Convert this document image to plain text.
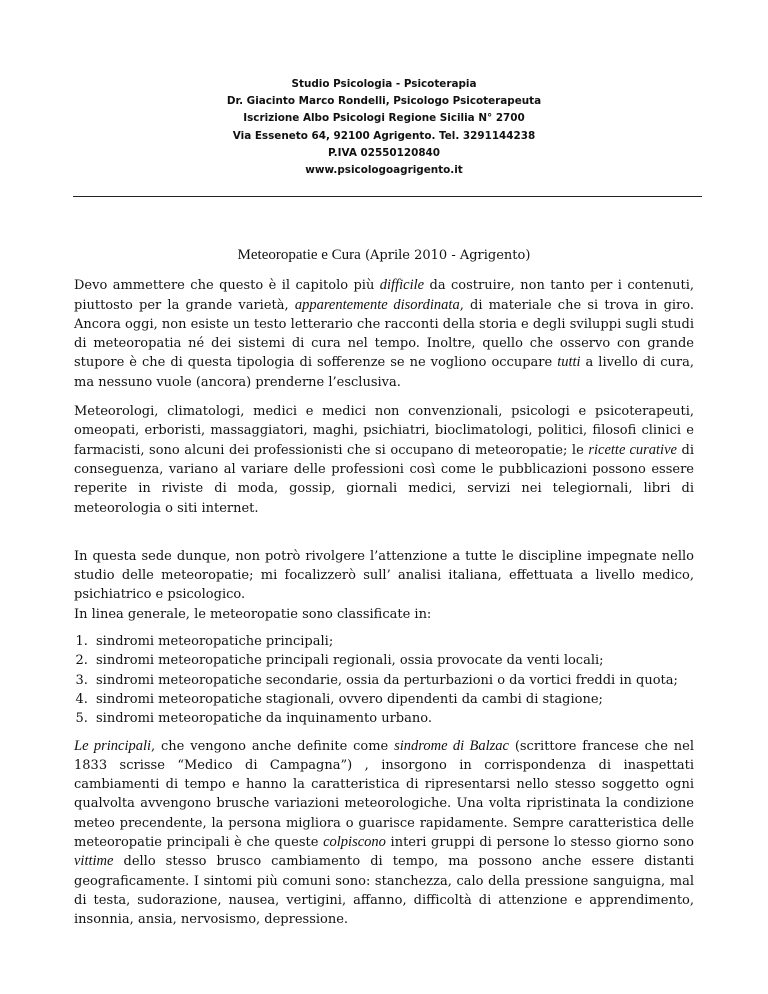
Studio Psicologia - Psicoterapia
Dr. Giacinto Marco Rondelli, Psicologo Psicoterapeuta
Iscrizione Albo Psicologi Regione Sicilia N° 2700
Via Esseneto 64, 92100 Agrigento. Tel. 3291144238
P.IVA 02550120840
www.psicologoagrigento.it
Meteoropatie e Cura (Aprile 2010 - Agrigento)

Devo ammettere che questo è il capitolo più difficile da costruire, non tanto per i contenuti, piuttosto per la grande varietà, apparentemente disordinata, di materiale che si trova in giro. Ancora oggi, non esiste un testo letterario che racconti della storia e degli sviluppi sugli studi di meteoropatia né dei sistemi di cura nel tempo. Inoltre, quello che osservo con grande stupore è che di questa tipologia di sofferenze se ne vogliono occupare tutti a livello di cura, ma nessuno vuole (ancora) prenderne l’esclusiva.

Meteorologi, climatologi, medici e medici non convenzionali, psicologi e psicoterapeuti, omeopati, erboristi, massaggiatori, maghi, psichiatri, bioclimatologi, politici, filosofi clinici e farmacisti, sono alcuni dei professionisti che si occupano di meteoropatie; le ricette curative di conseguenza, variano al variare delle professioni così come le pubblicazioni possono essere reperite in riviste di moda, gossip, giornali medici, servizi nei telegiornali, libri di meteorologia o siti internet.

In questa sede dunque, non potrò rivolgere l’attenzione a tutte le discipline impegnate nello studio delle meteoropatie; mi focalizzerò sull’ analisi italiana, effettuata a livello medico, psichiatrico e psicologico.

In linea generale, le meteoropatie sono classificate in:

1. sindromi meteoropatiche principali;
2. sindromi meteoropatiche principali regionali, ossia provocate da venti locali;
3. sindromi meteoropatiche secondarie, ossia da perturbazioni o da vortici freddi in quota;
4. sindromi meteoropatiche stagionali, ovvero dipendenti da cambi di stagione;
5. sindromi meteoropatiche da inquinamento urbano.

Le principali, che vengono anche definite come sindrome di Balzac (scrittore francese che nel 1833 scrisse “Medico di Campagna”) , insorgono in corrispondenza di inaspettati cambiamenti di tempo e hanno la caratteristica di ripresentarsi nello stesso soggetto ogni qualvolta avvengono brusche variazioni meteorologiche. Una volta ripristinata la condizione meteo precendente, la persona migliora o guarisce rapidamente. Sempre caratteristica delle meteoropatie principali è che queste colpiscono interi gruppi di persone lo stesso giorno sono vittime dello stesso brusco cambiamento di tempo, ma possono anche essere distanti geograficamente. I sintomi più comuni sono: stanchezza, calo della pressione sanguigna, mal di testa, sudorazione, nausea, vertigini, affanno, difficoltà di attenzione e apprendimento, insonnia, ansia, nervosismo, depressione.
